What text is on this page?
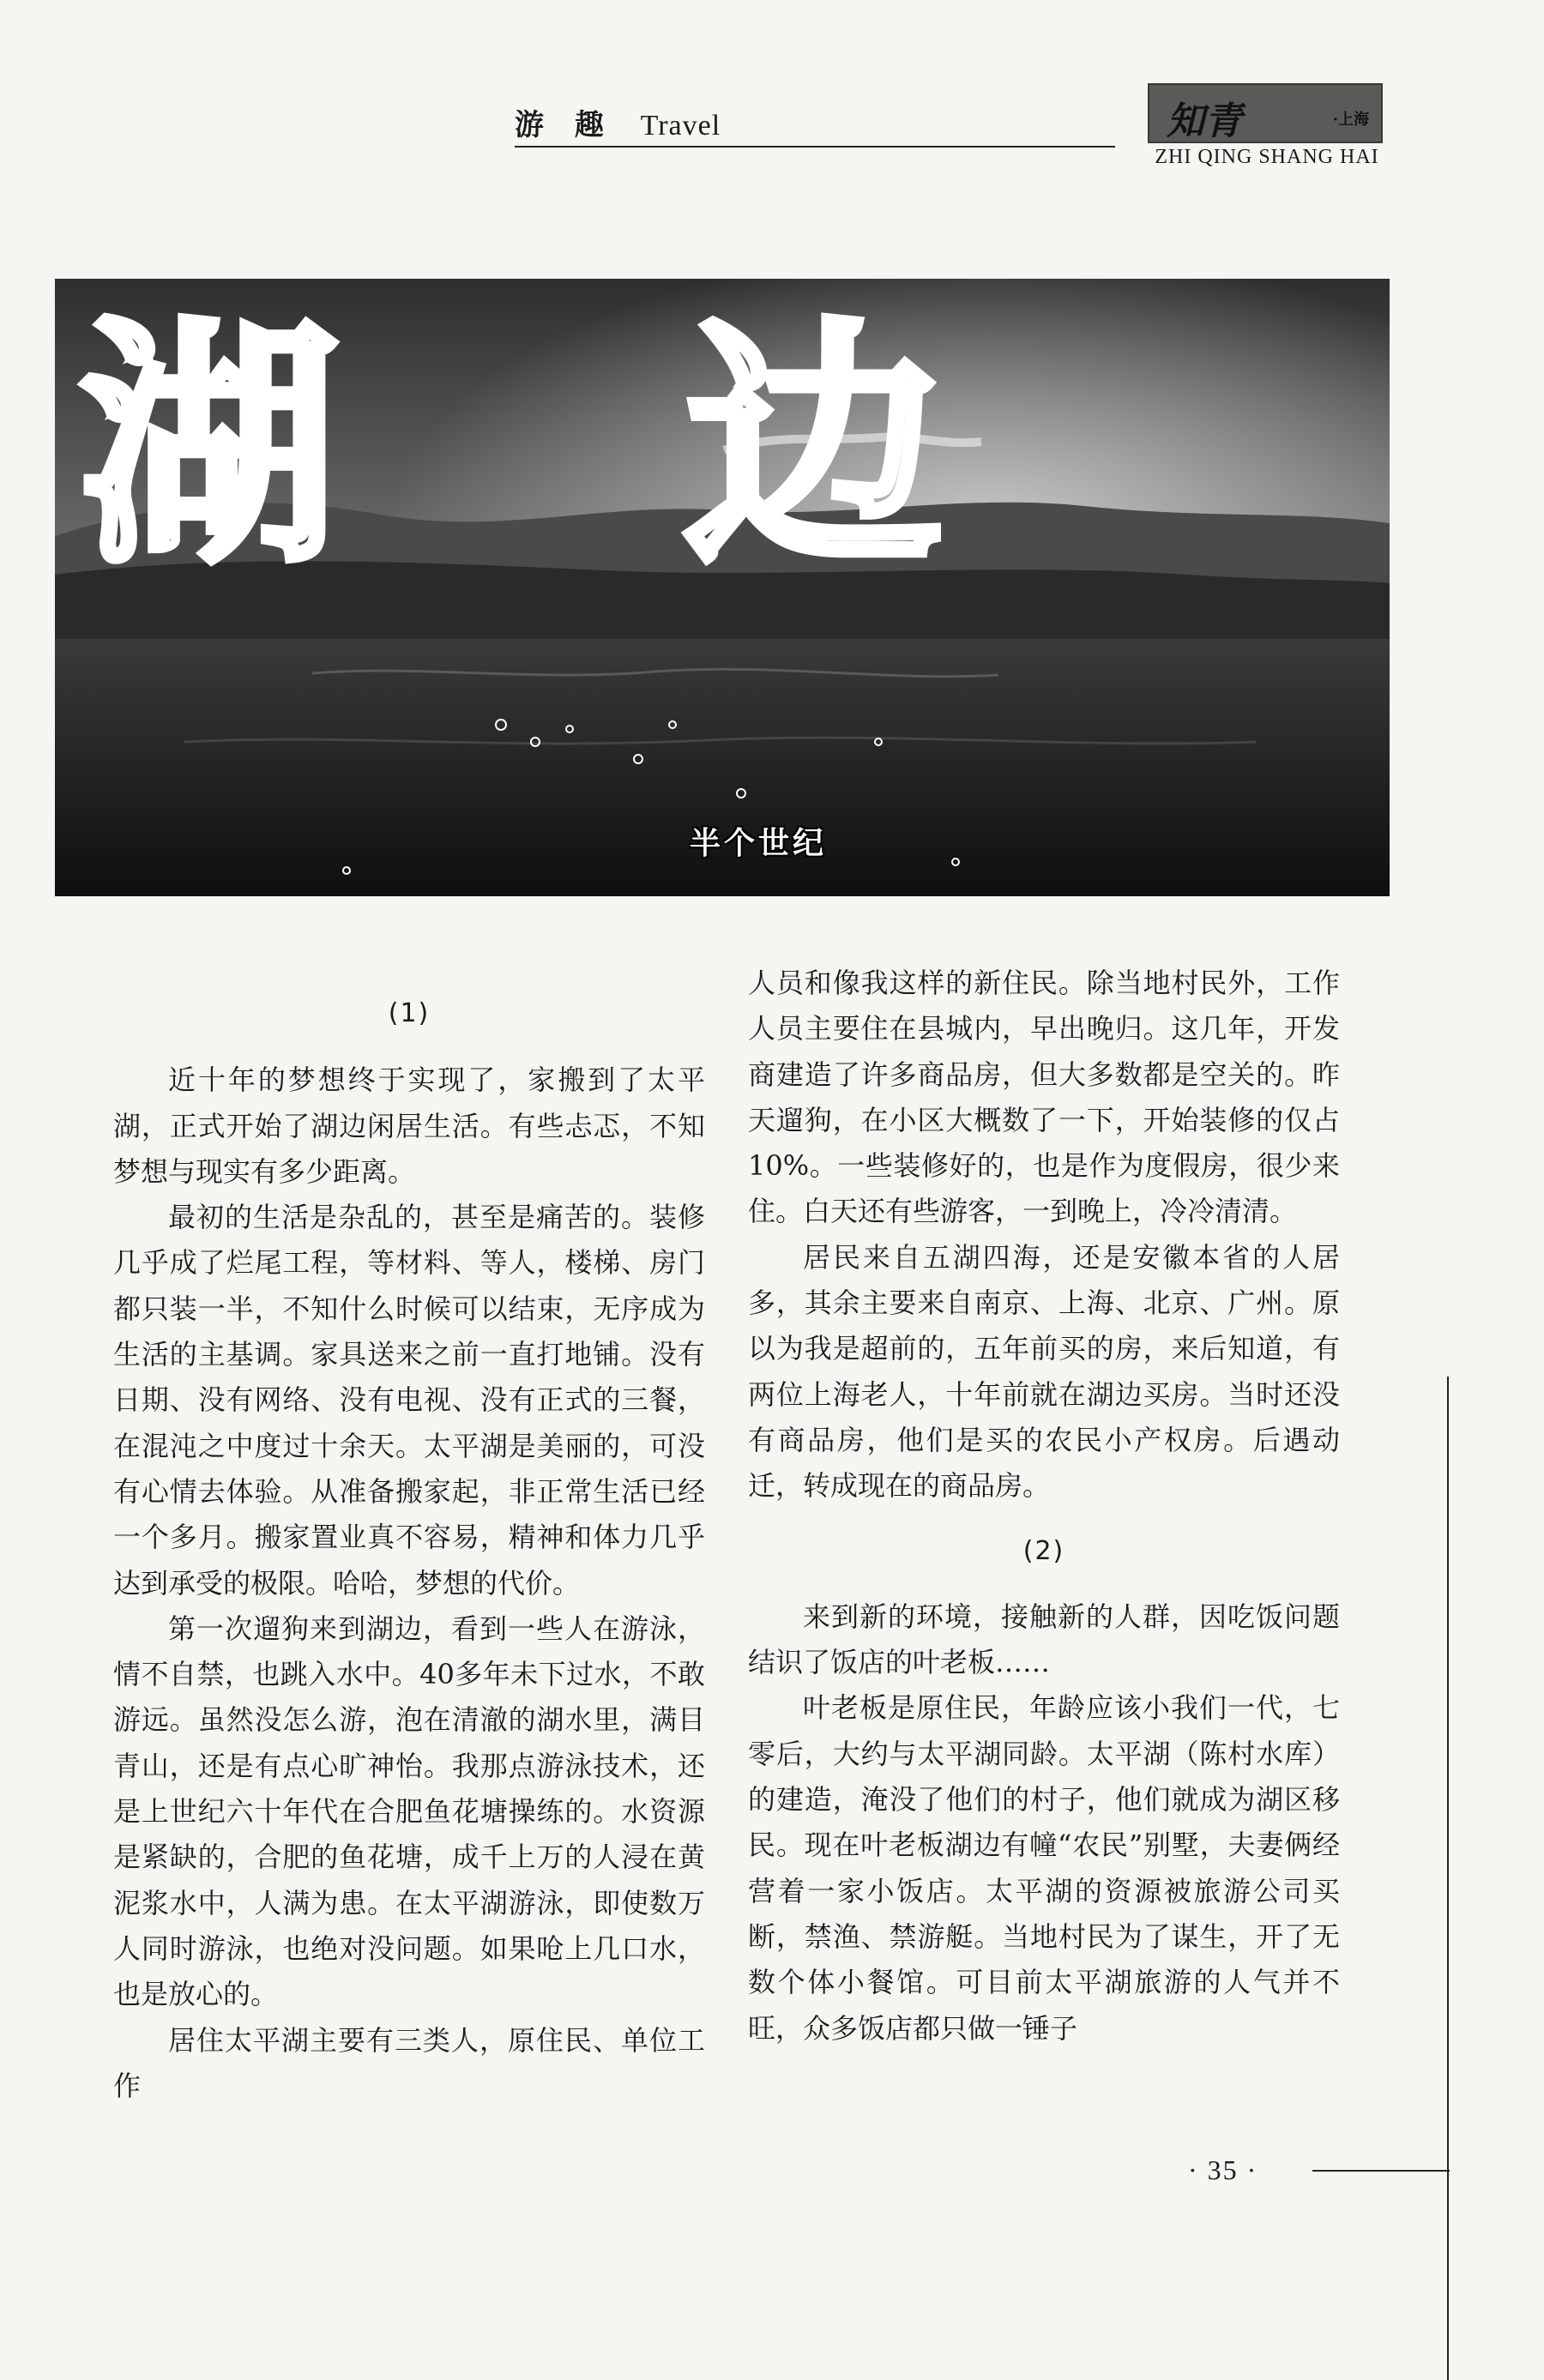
游 趣 Travel	知青	·上海
ZHI QING SHANG HAI
湖 边
半个世纪

(1)

近十年的梦想终于实现了，家搬到了太平湖，正式开始了湖边闲居生活。有些忐忑，不知梦想与现实有多少距离。

最初的生活是杂乱的，甚至是痛苦的。装修几乎成了烂尾工程，等材料、等人，楼梯、房门都只装一半，不知什么时候可以结束，无序成为生活的主基调。家具送来之前一直打地铺。没有日期、没有网络、没有电视、没有正式的三餐，在混沌之中度过十余天。太平湖是美丽的，可没有心情去体验。从准备搬家起，非正常生活已经一个多月。搬家置业真不容易，精神和体力几乎达到承受的极限。哈哈，梦想的代价。

第一次遛狗来到湖边，看到一些人在游泳，情不自禁，也跳入水中。40多年未下过水，不敢游远。虽然没怎么游，泡在清澈的湖水里，满目青山，还是有点心旷神怡。我那点游泳技术，还是上世纪六十年代在合肥鱼花塘操练的。水资源是紧缺的，合肥的鱼花塘，成千上万的人浸在黄泥浆水中，人满为患。在太平湖游泳，即使数万人同时游泳，也绝对没问题。如果呛上几口水，也是放心的。

居住太平湖主要有三类人，原住民、单位工作

人员和像我这样的新住民。除当地村民外，工作人员主要住在县城内，早出晚归。这几年，开发商建造了许多商品房，但大多数都是空关的。昨天遛狗，在小区大概数了一下，开始装修的仅占10%。一些装修好的，也是作为度假房，很少来住。白天还有些游客，一到晚上，冷冷清清。

居民来自五湖四海，还是安徽本省的人居多，其余主要来自南京、上海、北京、广州。原以为我是超前的，五年前买的房，来后知道，有两位上海老人，十年前就在湖边买房。当时还没有商品房，他们是买的农民小产权房。后遇动迁，转成现在的商品房。

(2)

来到新的环境，接触新的人群，因吃饭问题结识了饭店的叶老板……

叶老板是原住民，年龄应该小我们一代，七零后，大约与太平湖同龄。太平湖（陈村水库）的建造，淹没了他们的村子，他们就成为湖区移民。现在叶老板湖边有幢“农民”别墅，夫妻俩经营着一家小饭店。太平湖的资源被旅游公司买断，禁渔、禁游艇。当地村民为了谋生，开了无数个体小餐馆。可目前太平湖旅游的人气并不旺，众多饭店都只做一锤子

· 35 ·
